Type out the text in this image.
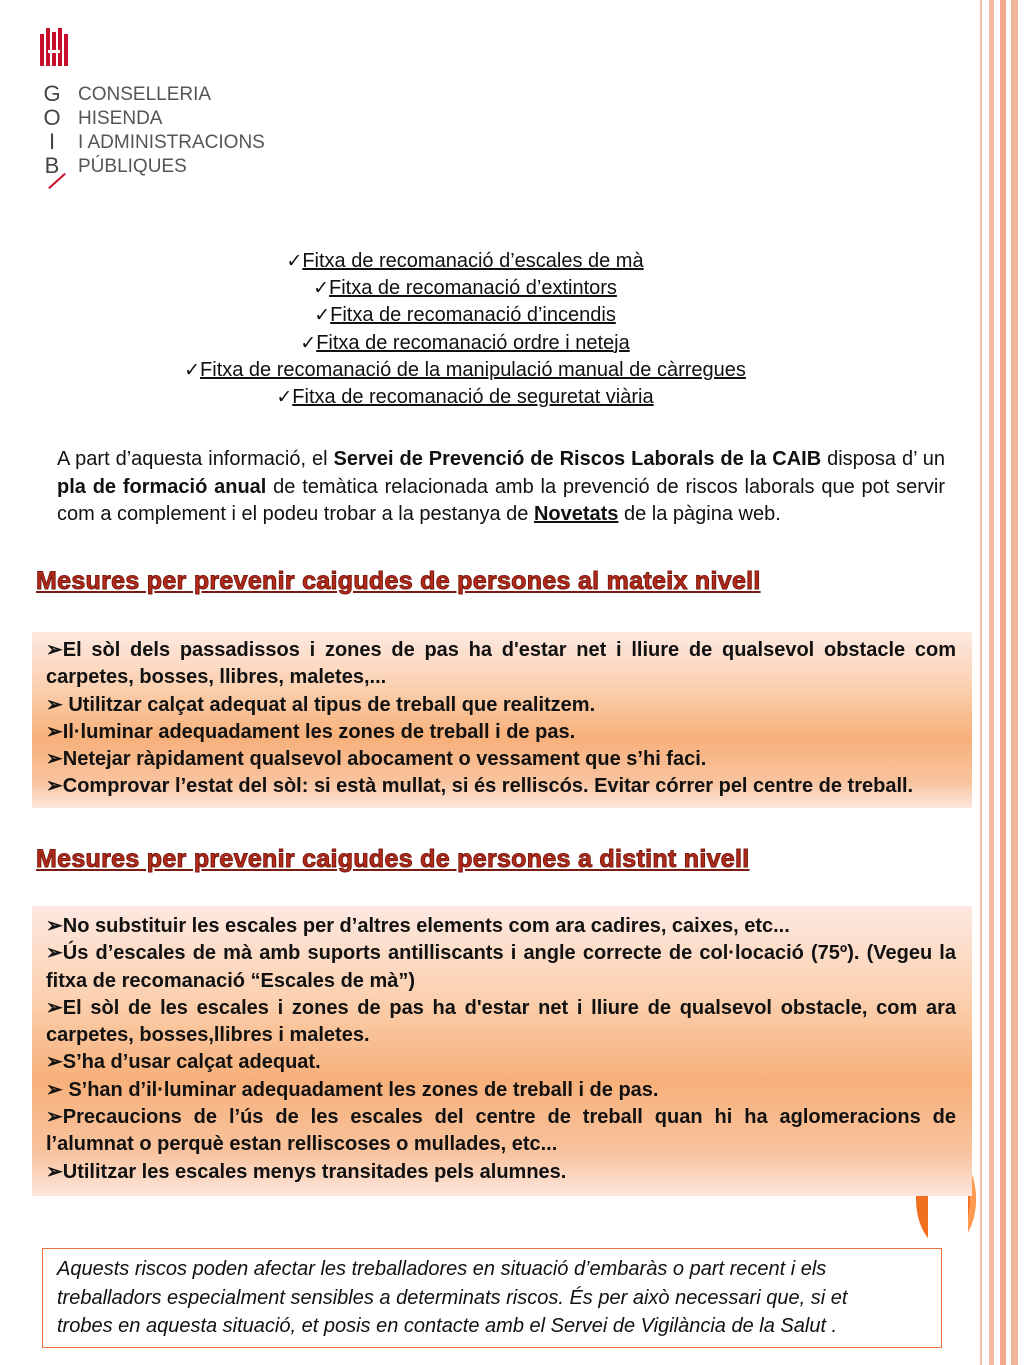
G
O
I
B
CONSELLERIA
HISENDA
I ADMINISTRACIONS
PÚBLIQUES
✓Fitxa de recomanació d’escales de mà
✓Fitxa de recomanació d’extintors
✓Fitxa de recomanació d’incendis
✓Fitxa de recomanació ordre i neteja
✓Fitxa de recomanació de la manipulació manual de càrregues
✓Fitxa de recomanació de seguretat viària
A part d’aquesta informació, el Servei de Prevenció de Riscos Laborals de la CAIB disposa d’ un pla de formació anual de temàtica relacionada amb la prevenció de riscos laborals que pot servir com a complement i el podeu trobar a la pestanya de Novetats de la pàgina web.
Mesures per prevenir caigudes de persones al mateix nivell
➢El sòl dels passadissos i zones de pas ha d'estar net i lliure de qualsevol obstacle com carpetes, bosses, llibres, maletes,...
➢ Utilitzar calçat adequat al tipus de treball que realitzem.
➢Il·luminar adequadament les zones de treball i de pas.
➢Netejar ràpidament qualsevol abocament o vessament que s’hi faci.
➢Comprovar l’estat del sòl: si està mullat, si és relliscós. Evitar córrer pel centre de treball.
Mesures per prevenir caigudes de persones a distint nivell
➢No substituir les escales per d’altres elements com ara cadires, caixes, etc...
➢Ús d’escales de mà amb suports antilliscants i angle correcte de col·locació (75º). (Vegeu la fitxa de recomanació “Escales de mà”)
➢El sòl de les escales i zones de pas ha d'estar net i lliure de qualsevol obstacle, com ara carpetes, bosses,llibres i maletes.
➢S’ha d’usar calçat adequat.
➢ S’han d’il·luminar adequadament les zones de treball i de pas.
➢Precaucions de l’ús de les escales del centre de treball quan hi ha aglomeracions de l’alumnat o perquè estan relliscoses o mullades, etc...
➢Utilitzar les escales menys transitades pels alumnes.
Aquests riscos poden afectar les treballadores en situació d’embaràs o part recent i els treballadors especialment sensibles a determinats riscos. És per això necessari que, si et trobes en aquesta situació, et posis en contacte amb el Servei de Vigilància de la Salut .
